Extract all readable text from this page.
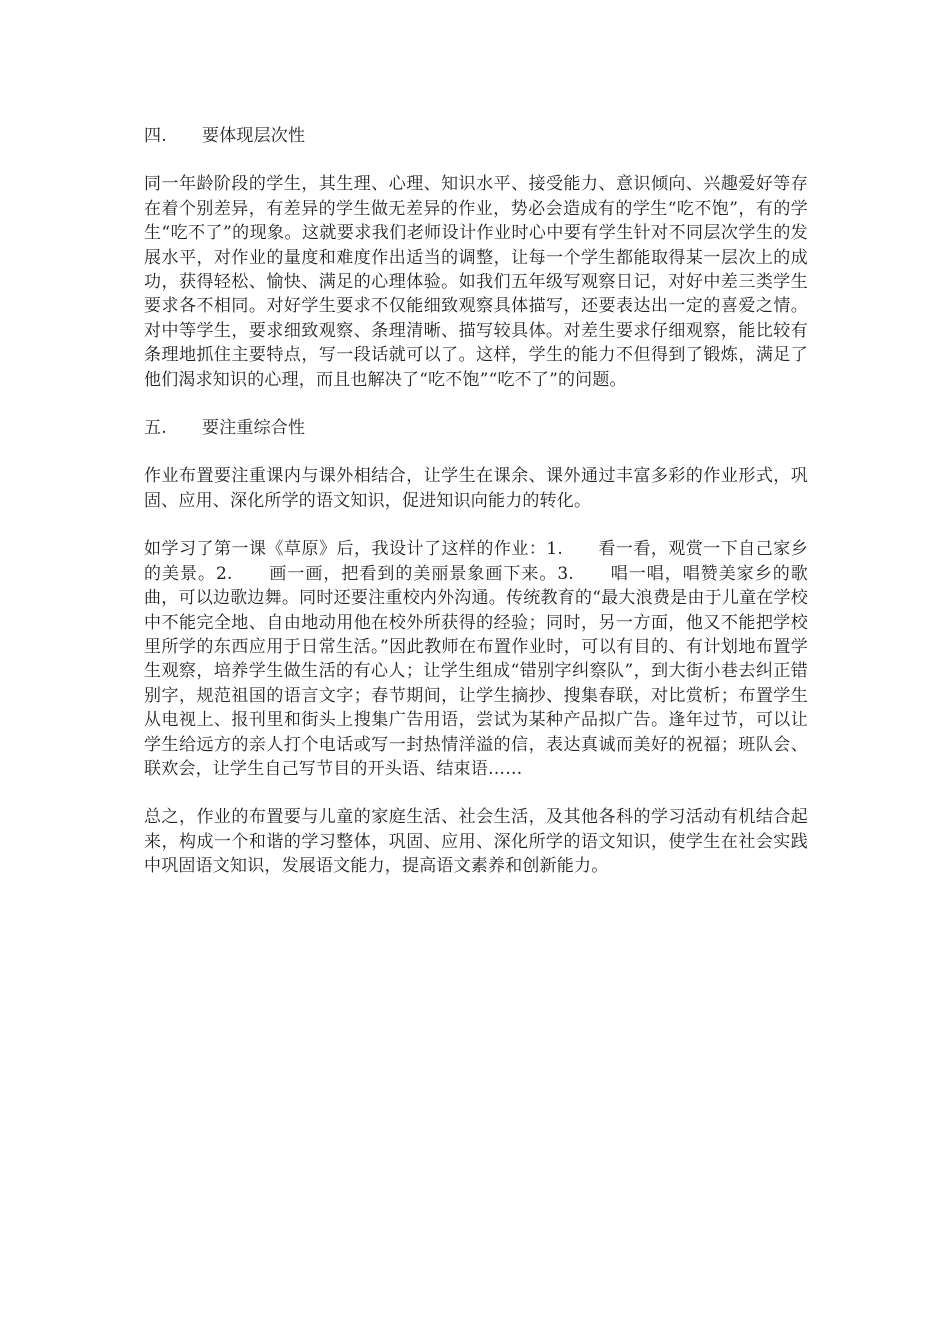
四. 要体现层次性

同一年龄阶段的学生，其生理、心理、知识水平、接受能力、意识倾向、兴趣爱好等存在着个别差异，有差异的学生做无差异的作业，势必会造成有的学生“吃不饱”，有的学生“吃不了”的现象。这就要求我们老师设计作业时心中要有学生针对不同层次学生的发展水平，对作业的量度和难度作出适当的调整，让每一个学生都能取得某一层次上的成功，获得轻松、愉快、满足的心理体验。如我们五年级写观察日记，对好中差三类学生要求各不相同。对好学生要求不仅能细致观察具体描写，还要表达出一定的喜爱之情。对中等学生，要求细致观察、条理清晰、描写较具体。对差生要求仔细观察，能比较有条理地抓住主要特点，写一段话就可以了。这样，学生的能力不但得到了锻炼，满足了他们渴求知识的心理，而且也解决了“吃不饱”“吃不了”的问题。

五. 要注重综合性

作业布置要注重课内与课外相结合，让学生在课余、课外通过丰富多彩的作业形式，巩固、应用、深化所学的语文知识，促进知识向能力的转化。

如学习了第一课《草原》后，我设计了这样的作业：1.　　看一看，观赏一下自己家乡的美景。2.　　画一画，把看到的美丽景象画下来。3.　　唱一唱，唱赞美家乡的歌曲，可以边歌边舞。同时还要注重校内外沟通。传统教育的“最大浪费是由于儿童在学校中不能完全地、自由地动用他在校外所获得的经验；同时，另一方面，他又不能把学校里所学的东西应用于日常生活。”因此教师在布置作业时，可以有目的、有计划地布置学生观察，培养学生做生活的有心人；让学生组成“错别字纠察队”，到大街小巷去纠正错别字，规范祖国的语言文字；春节期间，让学生摘抄、搜集春联，对比赏析；布置学生从电视上、报刊里和街头上搜集广告用语，尝试为某种产品拟广告。逢年过节，可以让学生给远方的亲人打个电话或写一封热情洋溢的信，表达真诚而美好的祝福；班队会、联欢会，让学生自己写节目的开头语、结束语……

总之，作业的布置要与儿童的家庭生活、社会生活，及其他各科的学习活动有机结合起来，构成一个和谐的学习整体，巩固、应用、深化所学的语文知识，使学生在社会实践中巩固语文知识，发展语文能力，提高语文素养和创新能力。
